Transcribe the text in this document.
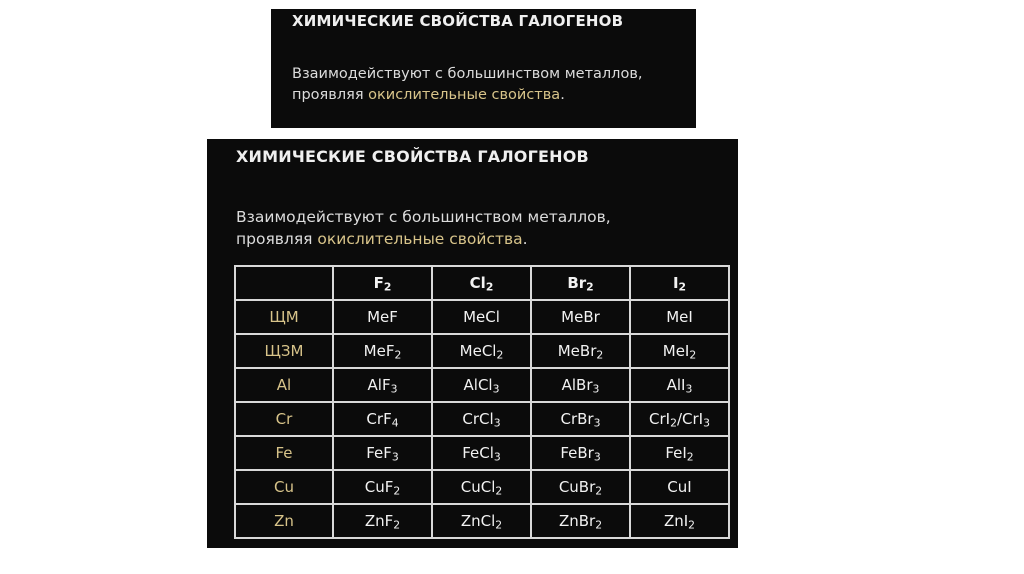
ХИМИЧЕСКИЕ СВОЙСТВА ГАЛОГЕНОВ
Взаимодействуют с большинством металлов,
проявляя окислительные свойства.
ХИМИЧЕСКИЕ СВОЙСТВА ГАЛОГЕНОВ
Взаимодействуют с большинством металлов,
проявляя окислительные свойства.
	$F_2$	$Cl_2$	$Br_2$	$I_2$
ЩМ	MeF	MeCl	MeBr	MeI
ЩЗМ	MeF$_2$	MeCl$_2$	MeBr$_2$	MeI$_2$
Al	AlF$_3$	AlCl$_3$	AlBr$_3$	AlI$_3$
Cr	CrF$_4$	CrCl$_3$	CrBr$_3$	CrI$_2$/CrI$_3$
Fe	FeF$_3$	FeCl$_3$	FeBr$_3$	FeI$_2$
Cu	CuF$_2$	CuCl$_2$	CuBr$_2$	CuI
Zn	ZnF$_2$	ZnCl$_2$	ZnBr$_2$	ZnI$_2$
